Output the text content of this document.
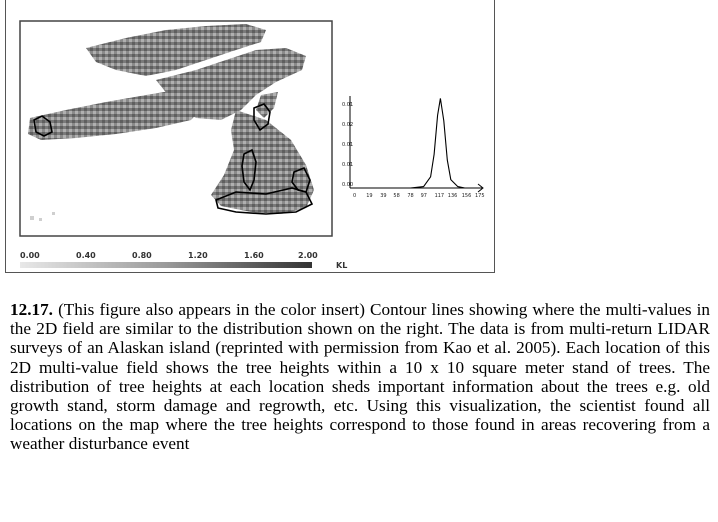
0.00	0.40	0.80	1.20	1.60	2.00
KL
0.01
0.02
0.01
0.01
0.00
0 19 39 58 78 97 117 136 156 175
12.17. (This figure also appears in the color insert) Contour lines showing where the multi-values in the 2D field are similar to the distribution shown on the right. The data is from multi-return LIDAR surveys of an Alaskan island (reprinted with permission from Kao et al. 2005). Each location of this 2D multi-value field shows the tree heights within a 10 x 10 square meter stand of trees. The distribution of tree heights at each location sheds important information about the trees e.g. old growth stand, storm damage and regrowth, etc. Using this visualization, the scientist found all locations on the map where the tree heights correspond to those found in areas recovering from a weather disturbance event
